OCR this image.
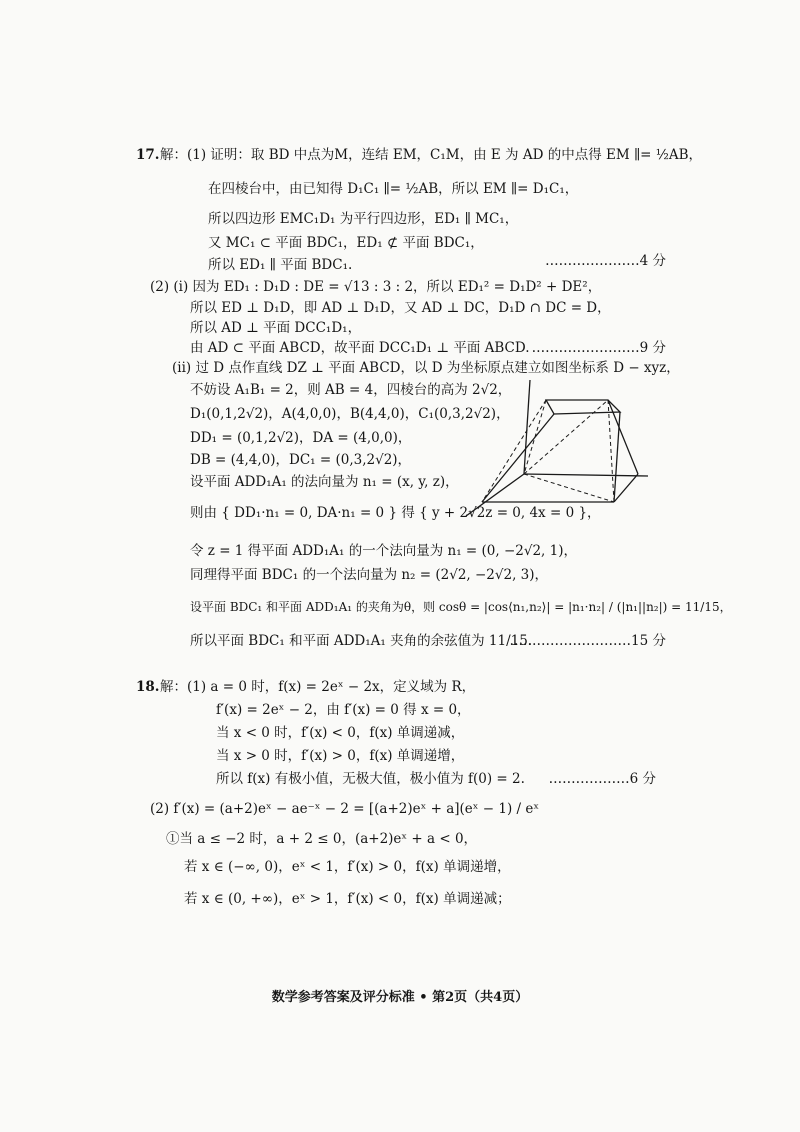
17. 解：(1) 证明：取 BD 中点为M，连结 EM，C₁M，由 E 为 AD 的中点得 EM ∥= ½AB，
在四棱台中，由已知得 D₁C₁ ∥= ½AB，所以 EM ∥= D₁C₁，
所以四边形 EMC₁D₁ 为平行四边形，ED₁ ∥ MC₁，
又 MC₁ ⊂ 平面 BDC₁，ED₁ ⊄ 平面 BDC₁，
所以 ED₁ ∥ 平面 BDC₁.	…………………4 分
(2) (i) 因为 ED₁ : D₁D : DE = √13 : 3 : 2，所以 ED₁² = D₁D² + DE²，
所以 ED ⊥ D₁D，即 AD ⊥ D₁D，又 AD ⊥ DC，D₁D ∩ DC = D，
所以 AD ⊥ 平面 DCC₁D₁，
由 AD ⊂ 平面 ABCD，故平面 DCC₁D₁ ⊥ 平面 ABCD. ……………………9 分
(ii) 过 D 点作直线 DZ ⊥ 平面 ABCD，以 D 为坐标原点建立如图坐标系 D − xyz，
不妨设 A₁B₁ = 2，则 AB = 4，四棱台的高为 2√2，
D₁(0,1,2√2)，A(4,0,0)，B(4,4,0)，C₁(0,3,2√2)，
DD₁ = (0,1,2√2)，DA = (4,0,0)，
DB = (4,4,0)，DC₁ = (0,3,2√2)，
设平面 ADD₁A₁ 的法向量为 n₁ = (x, y, z)，
则由 { DD₁·n₁ = 0, DA·n₁ = 0 } 得 { y + 2√2z = 0, 4x = 0 }，
令 z = 1 得平面 ADD₁A₁ 的一个法向量为 n₁ = (0, −2√2, 1)，
同理得平面 BDC₁ 的一个法向量为 n₂ = (2√2, −2√2, 3)，
设平面 BDC₁ 和平面 ADD₁A₁ 的夹角为θ，则 cosθ = |cos⟨n₁,n₂⟩| = |n₁·n₂| / (|n₁||n₂|) = 11/15，
所以平面 BDC₁ 和平面 ADD₁A₁ 夹角的余弦值为 11/15.
………………………15 分
18. 解：(1) a = 0 时，f(x) = 2eˣ − 2x，定义域为 R，
f′(x) = 2eˣ − 2，由 f′(x) = 0 得 x = 0，
当 x < 0 时，f′(x) < 0，f(x) 单调递减，
当 x > 0 时，f′(x) > 0，f(x) 单调递增，
所以 f(x) 有极小值，无极大值，极小值为 f(0) = 2.	………………6 分
(2) f′(x) = (a+2)eˣ − ae⁻ˣ − 2 = [(a+2)eˣ + a](eˣ − 1) / eˣ
①当 a ≤ −2 时，a + 2 ≤ 0，(a+2)eˣ + a < 0，
若 x ∈ (−∞, 0)，eˣ < 1，f′(x) > 0，f(x) 单调递增，
若 x ∈ (0, +∞)，eˣ > 1，f′(x) < 0，f(x) 单调递减；
数学参考答案及评分标准 • 第2页（共4页）
